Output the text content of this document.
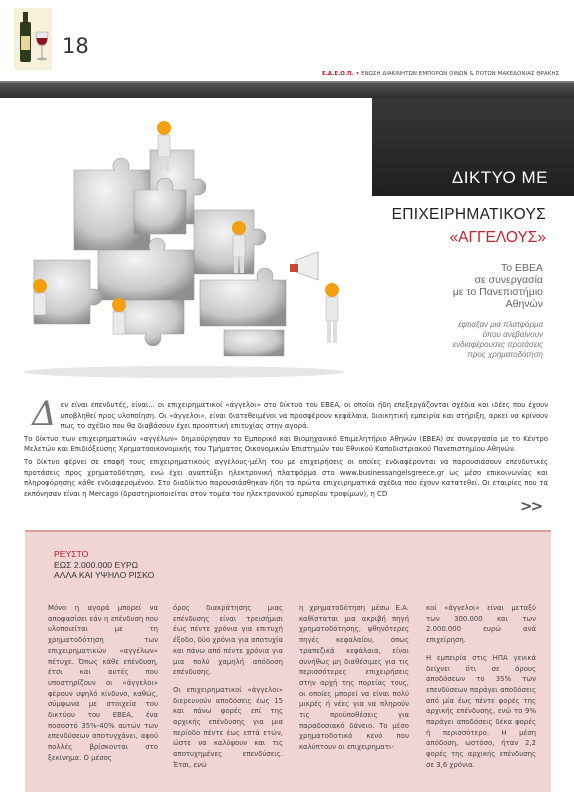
18
Ε.Δ.Ε.Ο.Π. • ΕΝΩΣΗ ΔΙΑΚΙΝΗΤΩΝ ΕΜΠΟΡΩΝ ΟΙΝΩΝ & ΠΟΤΩΝ ΜΑΚΕΔΟΝΙΑΣ ΘΡΑΚΗΣ
ΔΙΚΤΥΟ ΜΕ
ΕΠΙΧΕΙΡΗΜΑΤΙΚΟΥΣ
«ΑΓΓΕΛΟΥΣ»
Το ΕΒΕΑ
σε συνεργασία
με το Πανεπιστήμιο
Αθηνών
έφτιαξαν μια πλατφόρμα
όπου ανεβαίνουν
ενδιαφέρουσες προτάσεις
προς χρηματοδότηση

Δεν είναι επενδυτές, είναι... οι επιχειρηματικοί «άγγελοι» στο δίκτυο του ΕΒΕΑ, οι οποίοι ήδη επεξεργάζονται σχέδια και ιδέες που έχουν υποβληθεί προς υλοποίηση. Οι «άγγελοι», είναι διατεθειμένοι να προσφέρουν κεφάλαια, διοικητική εμπειρία και στήριξη, αρκεί να κρίνουν πως το σχέδιο που θα διαβάσουν έχει προοπτική επιτυχίας στην αγορά.

Το δίκτυο των επιχειρηματικών «αγγέλων» δημιούργησαν το Εμπορικό και Βιομηχανικό Επιμελητήριο Αθηνών (ΕΒΕΑ) σε συνεργασία με το Κέντρο Μελετών και Επιδιόξευσης Χρηματοοικονομικής του Τμήματος Οικονομικών Επιστημών του Εθνικού Καποδιστριακού Πανεπιστημίου Αθηνών.

Το δίκτυο φέρνει σε επαφή τους επιχειρηματικούς αγγέλους-μέλη του με επιχειρήσεις οι οποίες ενδιαφέρονται να παρουσιάσουν επενδυτικές προτάσεις προς χρηματοδότηση, ενώ έχει αναπτύξει ηλεκτρονική πλατφόρμα στο www.businessangelsgreece.gr ως μέσο επικοινωνίας και πληροφόρησης κάθε ενδιαφερομένου. Στο διαδίκτυο παρουσιάσθηκαν ήδη τα πρώτα επιχειρηματικά σχέδια που έχουν κατατεθεί. Οι εταιρίες που τα εκπόνησαν είναι η Mercago (δραστηριοποιείται στον τομέα του ηλεκτρονικού εμπορίου τροφίμων), η CD

>>
ΡΕΥΣΤΟ
ΕΩΣ 2.000.000 ΕΥΡΩ
ΑΛΛΑ ΚΑΙ ΥΨΗΛΟ ΡΙΣΚΟ

Μόνο η αγορά μπορεί να αποφασίσει εάν η επένδυση που υλοποιείται με τη χρηματοδότηση των επιχειρηματικών «αγγέλων» πέτυχε. Όπως κάθε επένδυση, έτσι και αυτές που υποστηρίζουν οι «άγγελοι» φέρουν υψηλό κίνδυνο, καθώς, σύμφωνα με στοιχεία του δικτύου του ΕΒΕΑ, ένα ποσοστό 35%-40% αυτών των επενδύσεων αποτυγχάνει, αφού πολλές βρίσκονται στο ξεκίνημα. Ο μέσος

όρος διακράτησης μιας επένδυσης είναι τρεισήμισι έως πέντε χρόνια για επιτυχή έξοδο, δύο χρόνια για αποτυχία και πάνω από πέντε χρόνια για μια πολύ χαμηλή απόδοση επένδυσης.

Οι επιχειρηματικοί «άγγελοι» διερευνούν αποδόσεις έως 15 και πάνω φορές επί της αρχικής επένδυσης για μια περίοδο πέντε έως επτά ετών, ώστε να καλύψουν και τις αποτυχημένες επενδύσεις. Έτσι, ενώ

η χρηματοδότηση μέσω Ε.Α. καθίσταται μια ακριβή πηγή χρηματοδότησης, ψθηνότερες πηγές κεφαλαίου, όπως τραπεζικά κεφάλαια, είναι συνήθως μη διαθέσιμες για τις περισσότερες επιχειρήσεις στην αρχή της πορείας τους, οι οποίες μπορεί να είναι πολύ μικρές ή νέες για να πληρούν τις προϋποθέσεις για παραδοσιακό δάνειο. Το μέσο χρηματοδοτικό κενό που καλύπτουν οι επιχειρηματι-

κοί «άγγελοι» είναι μεταξύ των 300.000 και των 2.000.000 ευρώ ανά επιχείρηση.

Η εμπειρία στις ΗΠΑ γενικά δείχνει ότι σε όρους αποδόσεων το 35% των επενδύσεων παράγει αποδόσεις από μία έως πέντε φορές της αρχικής επένδυσης, ενώ το 9% παράγει αποδόσεις δέκα φορές ή περισσότερο. Η μέση απόδοση, ωστόσο, ήταν 2,2 φορές της αρχικής επένδυσης σε 3,6 χρόνια.
